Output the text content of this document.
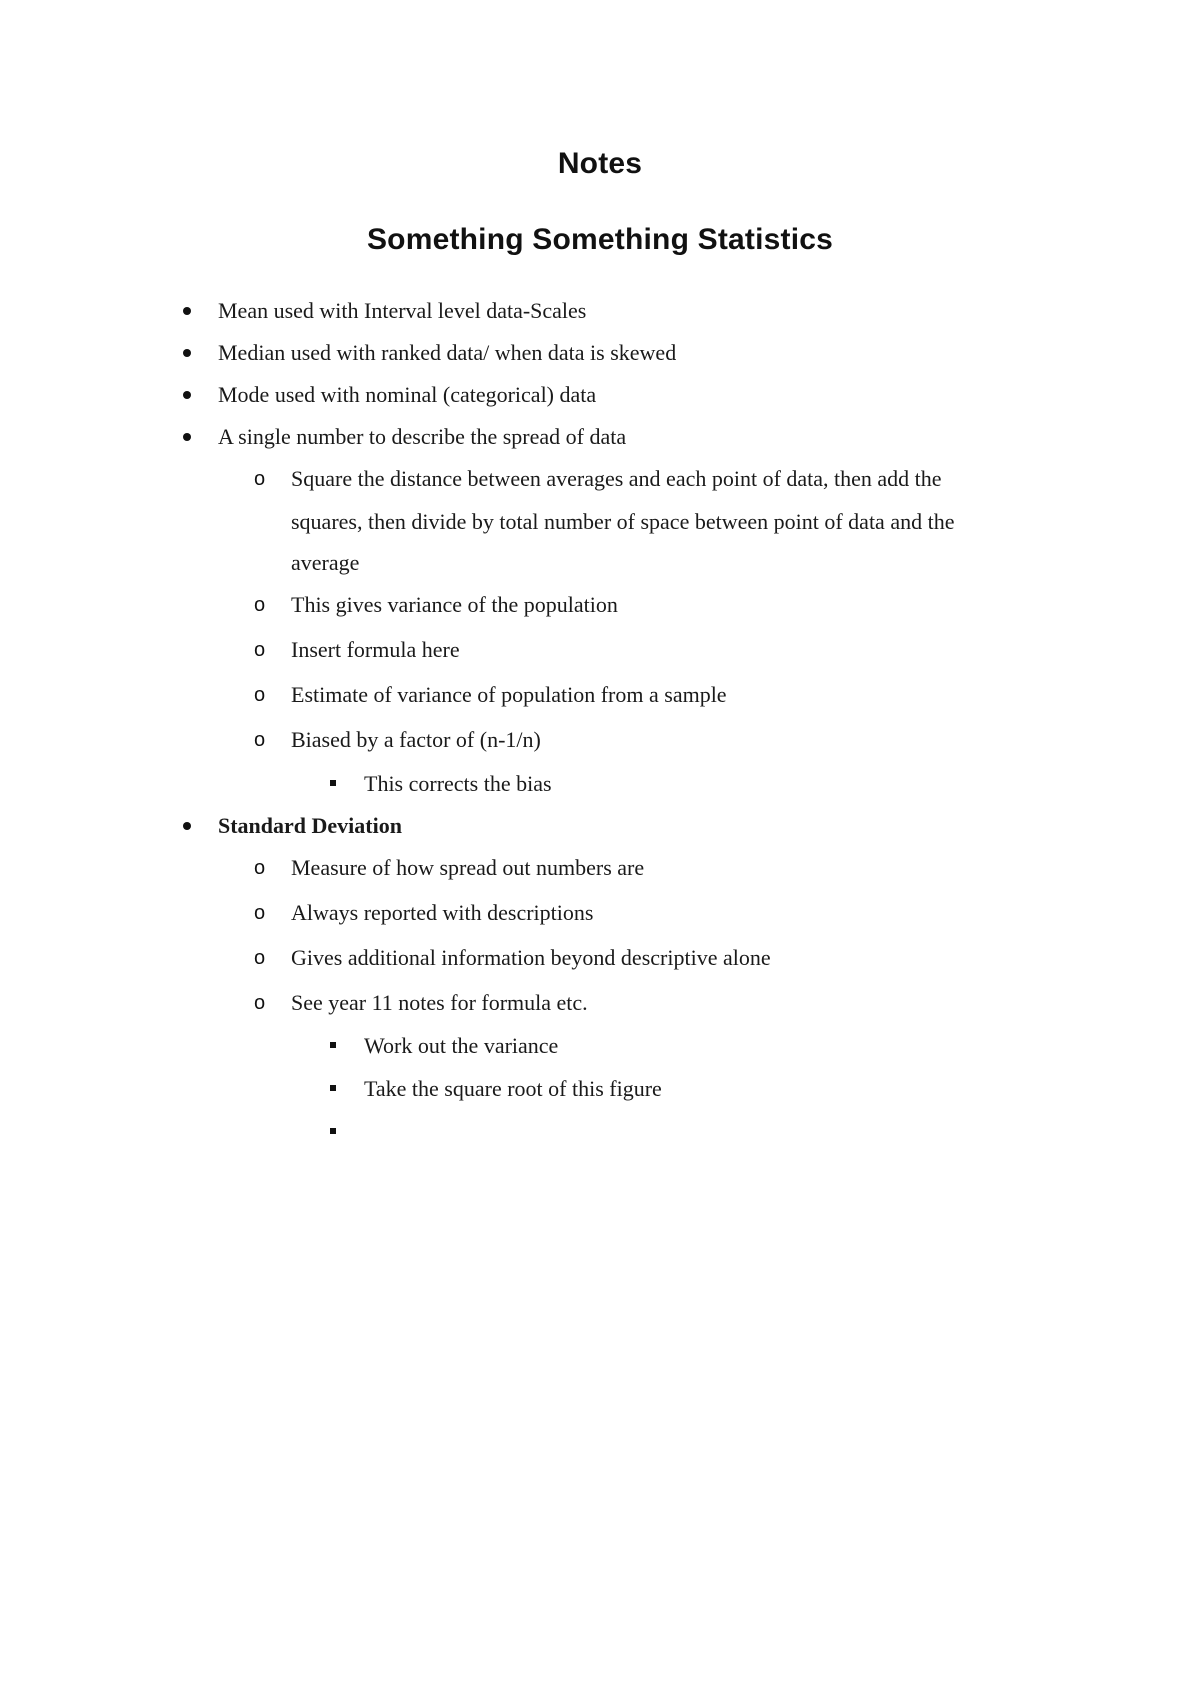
Notes
Something Something Statistics
Mean used with Interval level data-Scales
Median used with ranked data/ when data is skewed
Mode used with nominal (categorical) data
A single number to describe the spread of data
o Square the distance between averages and each point of data, then add the
squares, then divide by total number of space between point of data and the
average
o This gives variance of the population
o Insert formula here
o Estimate of variance of population from a sample
o Biased by a factor of (n-1/n)
This corrects the bias
Standard Deviation
o Measure of how spread out numbers are
o Always reported with descriptions
o Gives additional information beyond descriptive alone
o See year 11 notes for formula etc.
Work out the variance
Take the square root of this figure
